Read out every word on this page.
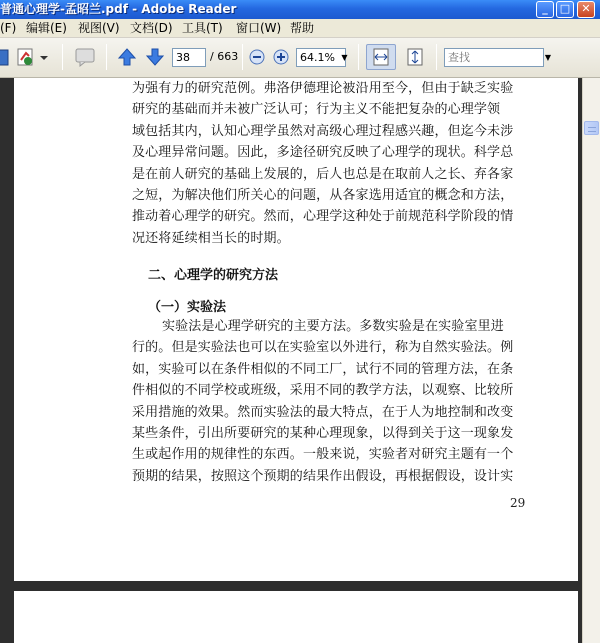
普通心理学-孟昭兰.pdf - Adobe Reader	_	□	✕
(F) 编辑(E) 视图(V) 文档(D) 工具(T) 窗口(W) 帮助
38	/ 663	64.1% ▼	查找	▼
为强有力的研究范例。弗洛伊德理论被沿用至今，但由于缺乏实验
研究的基础而并未被广泛认可；行为主义不能把复杂的心理学领
域包括其内，认知心理学虽然对高级心理过程感兴趣，但迄今未涉
及心理异常问题。因此，多途径研究反映了心理学的现状。科学总
是在前人研究的基础上发展的，后人也总是在取前人之长、弃各家
之短，为解决他们所关心的问题，从各家选用适宜的概念和方法，
推动着心理学的研究。然而，心理学这种处于前规范科学阶段的情
况还将延续相当长的时期。
二、心理学的研究方法
（一）实验法
实验法是心理学研究的主要方法。多数实验是在实验室里进
行的。但是实验法也可以在实验室以外进行，称为自然实验法。例
如，实验可以在条件相似的不同工厂，试行不同的管理方法，在条
件相似的不同学校或班级，采用不同的教学方法，以观察、比较所
采用措施的效果。然而实验法的最大特点，在于人为地控制和改变
某些条件，引出所要研究的某种心理现象，以得到关于这一现象发
生或起作用的规律性的东西。一般来说，实验者对研究主题有一个
预期的结果，按照这个预期的结果作出假设，再根据假设，设计实
29
